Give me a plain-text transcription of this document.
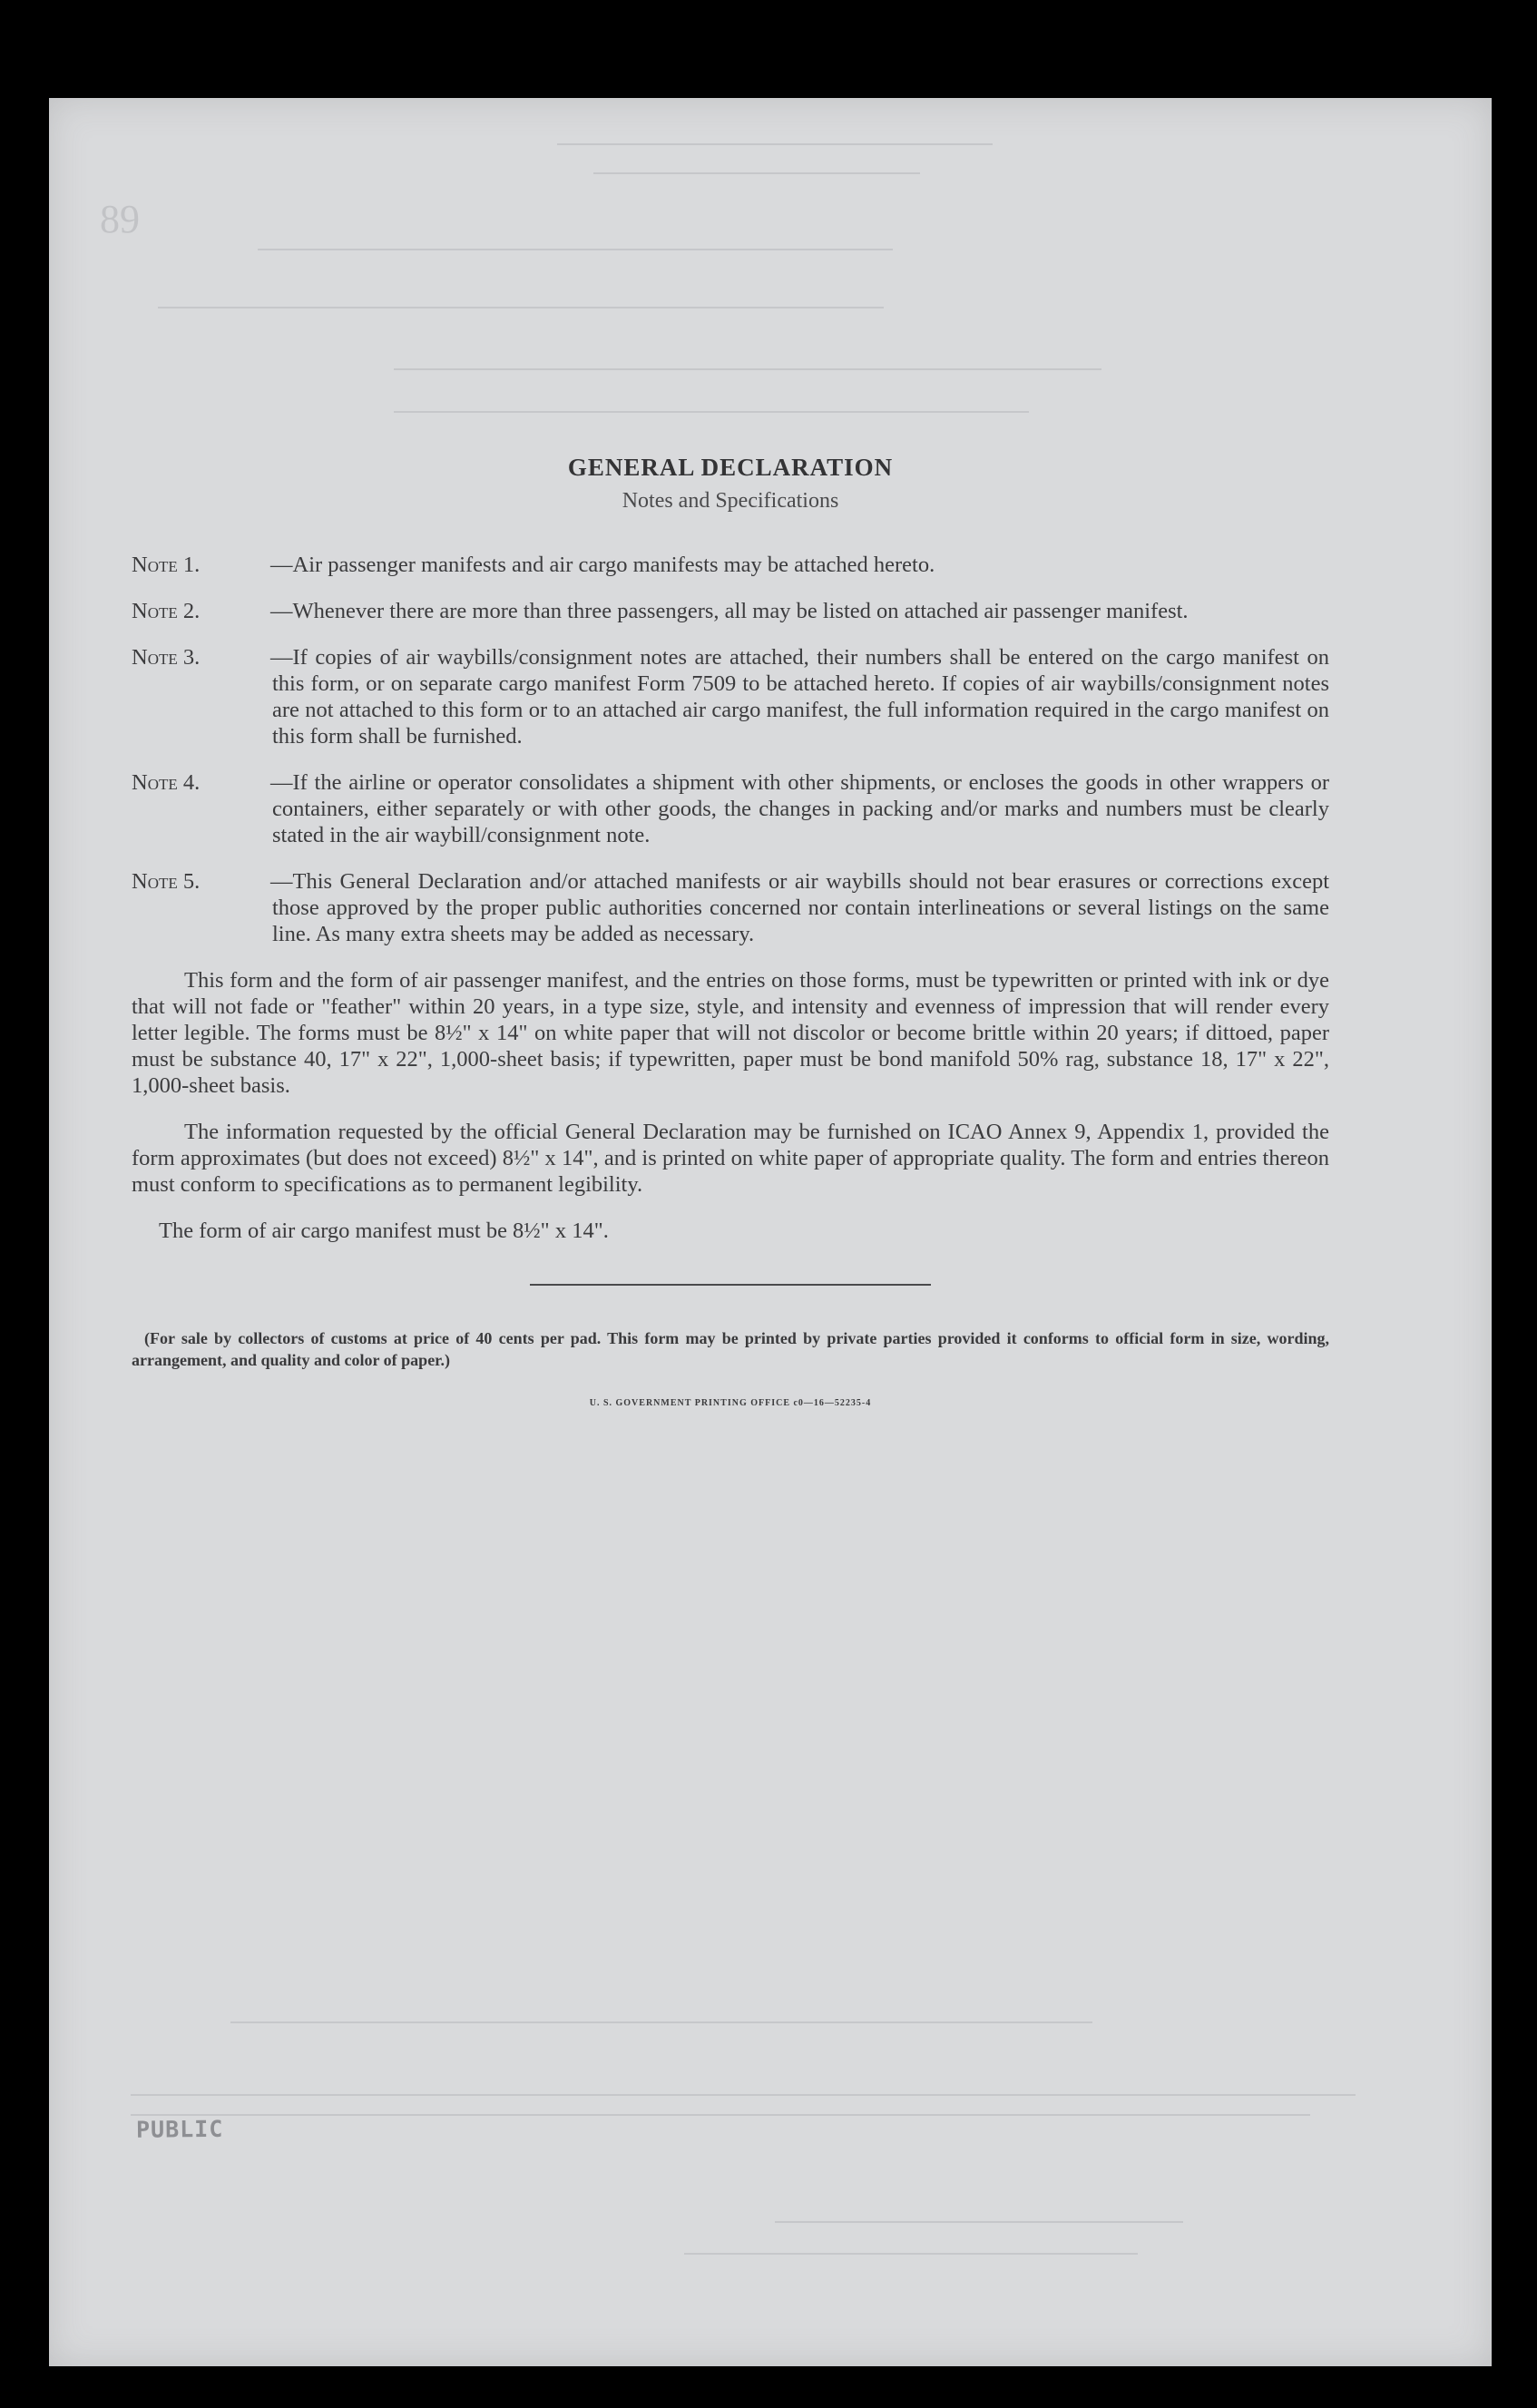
89
GENERAL DECLARATION
Notes and Specifications
Note 1.	—Air passenger manifests and air cargo manifests may be attached hereto.
Note 2.	—Whenever there are more than three passengers, all may be listed on attached air passenger manifest.
Note 3.	—If copies of air waybills/consignment notes are attached, their numbers shall be entered on the cargo manifest on this form, or on separate cargo manifest Form 7509 to be attached hereto. If copies of air waybills/consignment notes are not attached to this form or to an attached air cargo manifest, the full information required in the cargo manifest on this form shall be furnished.
Note 4.	—If the airline or operator consolidates a shipment with other shipments, or encloses the goods in other wrappers or containers, either separately or with other goods, the changes in packing and/or marks and numbers must be clearly stated in the air waybill/consignment note.
Note 5.	—This General Declaration and/or attached manifests or air waybills should not bear erasures or corrections except those approved by the proper public authorities concerned nor contain interlineations or several listings on the same line. As many extra sheets may be added as necessary.

This form and the form of air passenger manifest, and the entries on those forms, must be typewritten or printed with ink or dye that will not fade or "feather" within 20 years, in a type size, style, and intensity and evenness of impression that will render every letter legible. The forms must be 8½" x 14" on white paper that will not discolor or become brittle within 20 years; if dittoed, paper must be substance 40, 17" x 22", 1,000-sheet basis; if typewritten, paper must be bond manifold 50% rag, substance 18, 17" x 22", 1,000-sheet basis.

The information requested by the official General Declaration may be furnished on ICAO Annex 9, Appendix 1, provided the form approximates (but does not exceed) 8½" x 14", and is printed on white paper of appropriate quality. The form and entries thereon must conform to specifications as to permanent legibility.

The form of air cargo manifest must be 8½" x 14".

(For sale by collectors of customs at price of 40 cents per pad. This form may be printed by private parties provided it conforms to official form in size, wording, arrangement, and quality and color of paper.)

U. S. GOVERNMENT PRINTING OFFICE c0—16—52235-4
PUBLIC
